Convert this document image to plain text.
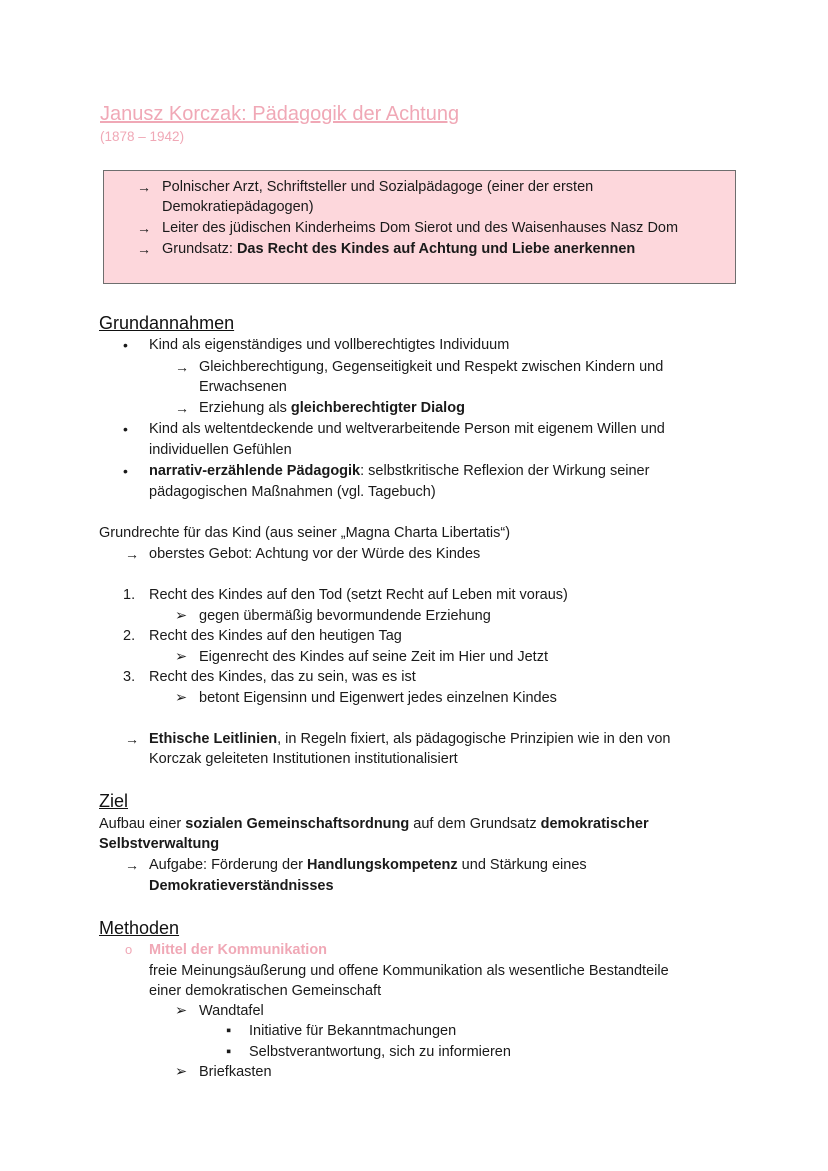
Janusz Korczak: Pädagogik der Achtung
(1878 – 1942)
→ Polnischer Arzt, Schriftsteller und Sozialpädagoge (einer der ersten
Demokratiepädagogen)
→ Leiter des jüdischen Kinderheims Dom Sierot und des Waisenhauses Nasz Dom
→ Grundsatz: Das Recht des Kindes auf Achtung und Liebe anerkennen
Grundannahmen
• Kind als eigenständiges und vollberechtigtes Individuum
→ Gleichberechtigung, Gegenseitigkeit und Respekt zwischen Kindern und
Erwachsenen
→ Erziehung als gleichberechtigter Dialog
• Kind als weltentdeckende und weltverarbeitende Person mit eigenem Willen und
individuellen Gefühlen
• narrativ-erzählende Pädagogik: selbstkritische Reflexion der Wirkung seiner
pädagogischen Maßnahmen (vgl. Tagebuch)
Grundrechte für das Kind (aus seiner „Magna Charta Libertatis“)
→ oberstes Gebot: Achtung vor der Würde des Kindes
1. Recht des Kindes auf den Tod (setzt Recht auf Leben mit voraus)
➢ gegen übermäßig bevormundende Erziehung
2. Recht des Kindes auf den heutigen Tag
➢ Eigenrecht des Kindes auf seine Zeit im Hier und Jetzt
3. Recht des Kindes, das zu sein, was es ist
➢ betont Eigensinn und Eigenwert jedes einzelnen Kindes
→ Ethische Leitlinien, in Regeln fixiert, als pädagogische Prinzipien wie in den von
Korczak geleiteten Institutionen institutionalisiert
Ziel
Aufbau einer sozialen Gemeinschaftsordnung auf dem Grundsatz demokratischer
Selbstverwaltung
→ Aufgabe: Förderung der Handlungskompetenz und Stärkung eines
Demokratieverständnisses
Methoden
o Mittel der Kommunikation
freie Meinungsäußerung und offene Kommunikation als wesentliche Bestandteile
einer demokratischen Gemeinschaft
➢ Wandtafel
▪ Initiative für Bekanntmachungen
▪ Selbstverantwortung, sich zu informieren
➢ Briefkasten
